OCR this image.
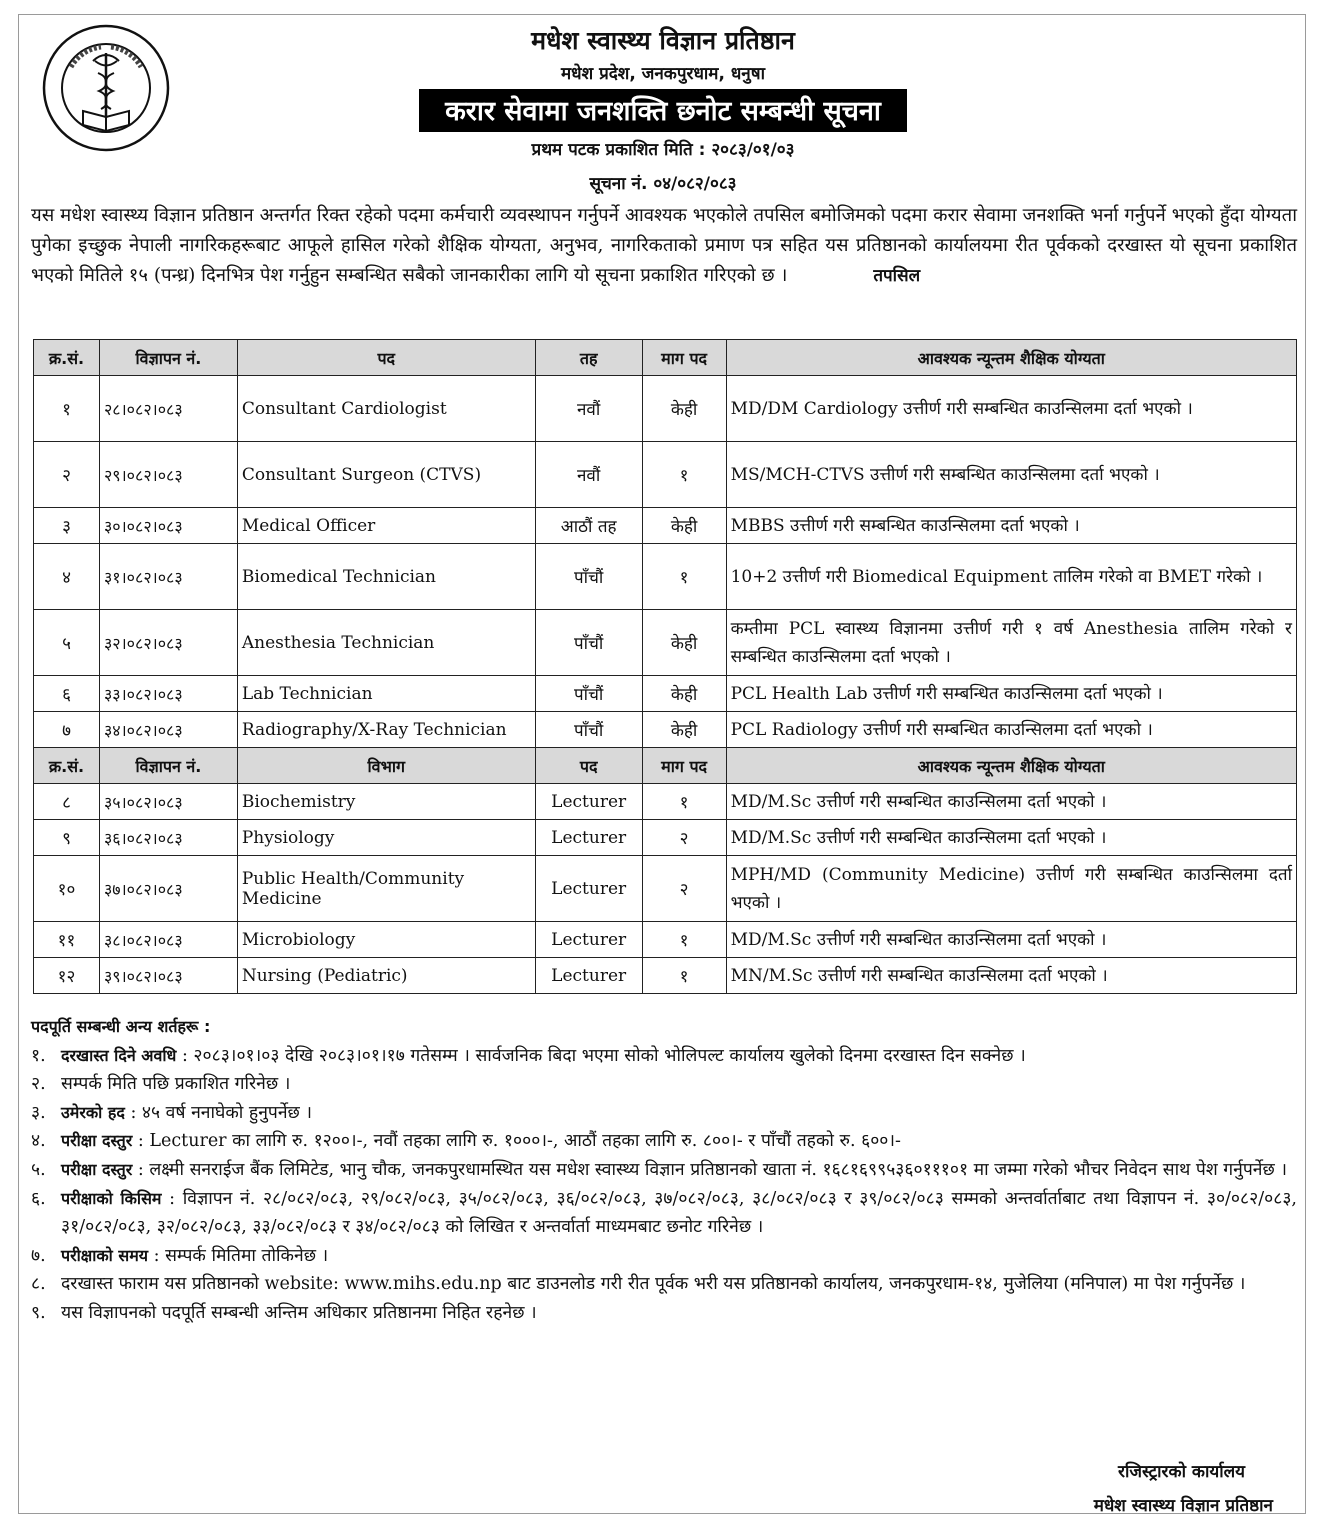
मधेश स्वास्थ्य विज्ञान प्रतिष्ठान
मधेश प्रदेश, जनकपुरधाम, धनुषा
करार सेवामा जनशक्ति छनोट सम्बन्धी सूचना
प्रथम पटक प्रकाशित मिति : २०८३/०१/०३
सूचना नं. ०४/०८२/०८३
यस मधेश स्वास्थ्य विज्ञान प्रतिष्ठान अन्तर्गत रिक्त रहेको पदमा कर्मचारी व्यवस्थापन गर्नुपर्ने आवश्यक भएकोले तपसिल बमोजिमको पदमा करार सेवामा जनशक्ति भर्ना गर्नुपर्ने भएको हुँदा योग्यता पुगेका इच्छुक नेपाली नागरिकहरूबाट आफूले हासिल गरेको शैक्षिक योग्यता, अनुभव, नागरिकताको प्रमाण पत्र सहित यस प्रतिष्ठानको कार्यालयमा रीत पूर्वकको दरखास्त यो सूचना प्रकाशित भएको मितिले १५ (पन्ध्र) दिनभित्र पेश गर्नुहुन सम्बन्धित सबैको जानकारीका लागि यो सूचना प्रकाशित गरिएको छ ।	तपसिल
क्र.सं.	विज्ञापन नं.	पद	तह	माग पद	आवश्यक न्यून्तम शैक्षिक योग्यता
१	२८।०८२।०८३	Consultant Cardiologist	नवौं	केही	MD/DM Cardiology उत्तीर्ण गरी सम्बन्धित काउन्सिलमा दर्ता भएको ।
२	२९।०८२।०८३	Consultant Surgeon (CTVS)	नवौं	१	MS/MCH-CTVS उत्तीर्ण गरी सम्बन्धित काउन्सिलमा दर्ता भएको ।
३	३०।०८२।०८३	Medical Officer	आठौं तह	केही	MBBS उत्तीर्ण गरी सम्बन्धित काउन्सिलमा दर्ता भएको ।
४	३१।०८२।०८३	Biomedical Technician	पाँचौं	१	10+2 उत्तीर्ण गरी Biomedical Equipment तालिम गरेको वा BMET गरेको ।
५	३२।०८२।०८३	Anesthesia Technician	पाँचौं	केही	कम्तीमा PCL स्वास्थ्य विज्ञानमा उत्तीर्ण गरी १ वर्ष Anesthesia तालिम गरेको र सम्बन्धित काउन्सिलमा दर्ता भएको ।
६	३३।०८२।०८३	Lab Technician	पाँचौं	केही	PCL Health Lab उत्तीर्ण गरी सम्बन्धित काउन्सिलमा दर्ता भएको ।
७	३४।०८२।०८३	Radiography/X-Ray Technician	पाँचौं	केही	PCL Radiology उत्तीर्ण गरी सम्बन्धित काउन्सिलमा दर्ता भएको ।
क्र.सं.	विज्ञापन नं.	विभाग	पद	माग पद	आवश्यक न्यून्तम शैक्षिक योग्यता
८	३५।०८२।०८३	Biochemistry	Lecturer	१	MD/M.Sc उत्तीर्ण गरी सम्बन्धित काउन्सिलमा दर्ता भएको ।
९	३६।०८२।०८३	Physiology	Lecturer	२	MD/M.Sc उत्तीर्ण गरी सम्बन्धित काउन्सिलमा दर्ता भएको ।
१०	३७।०८२।०८३	Public Health/Community Medicine	Lecturer	२	MPH/MD (Community Medicine) उत्तीर्ण गरी सम्बन्धित काउन्सिलमा दर्ता भएको ।
११	३८।०८२।०८३	Microbiology	Lecturer	१	MD/M.Sc उत्तीर्ण गरी सम्बन्धित काउन्सिलमा दर्ता भएको ।
१२	३९।०८२।०८३	Nursing (Pediatric)	Lecturer	१	MN/M.Sc उत्तीर्ण गरी सम्बन्धित काउन्सिलमा दर्ता भएको ।
पदपूर्ति सम्बन्धी अन्य शर्तहरू :
१. दरखास्त दिने अवधि : २०८३।०१।०३ देखि २०८३।०१।१७ गतेसम्म । सार्वजनिक बिदा भएमा सोको भोलिपल्ट कार्यालय खुलेको दिनमा दरखास्त दिन सक्नेछ ।
२. सम्पर्क मिति पछि प्रकाशित गरिनेछ ।
३. उमेरको हद : ४५ वर्ष ननाघेको हुनुपर्नेछ ।
४. परीक्षा दस्तुर : Lecturer का लागि रु. १२००।-, नवौं तहका लागि रु. १०००।-, आठौं तहका लागि रु. ८००।- र पाँचौं तहको रु. ६००।-
५. परीक्षा दस्तुर : लक्ष्मी सनराईज बैंक लिमिटेड, भानु चौक, जनकपुरधामस्थित यस मधेश स्वास्थ्य विज्ञान प्रतिष्ठानको खाता नं. १६८१६९९५३६०१११०१ मा जम्मा गरेको भौचर निवेदन साथ पेश गर्नुपर्नेछ ।
६. परीक्षाको किसिम : विज्ञापन नं. २८/०८२/०८३, २९/०८२/०८३, ३५/०८२/०८३, ३६/०८२/०८३, ३७/०८२/०८३, ३८/०८२/०८३ र ३९/०८२/०८३ सम्मको अन्तर्वार्ताबाट तथा विज्ञापन नं. ३०/०८२/०८३, ३१/०८२/०८३, ३२/०८२/०८३, ३३/०८२/०८३ र ३४/०८२/०८३ को लिखित र अन्तर्वार्ता माध्यमबाट छनोट गरिनेछ ।
७. परीक्षाको समय : सम्पर्क मितिमा तोकिनेछ ।
८. दरखास्त फाराम यस प्रतिष्ठानको website: www.mihs.edu.np बाट डाउनलोड गरी रीत पूर्वक भरी यस प्रतिष्ठानको कार्यालय, जनकपुरधाम-१४, मुजेलिया (मनिपाल) मा पेश गर्नुपर्नेछ ।
९. यस विज्ञापनको पदपूर्ति सम्बन्धी अन्तिम अधिकार प्रतिष्ठानमा निहित रहनेछ ।
रजिस्ट्रारको कार्यालय
मधेश स्वास्थ्य विज्ञान प्रतिष्ठान
